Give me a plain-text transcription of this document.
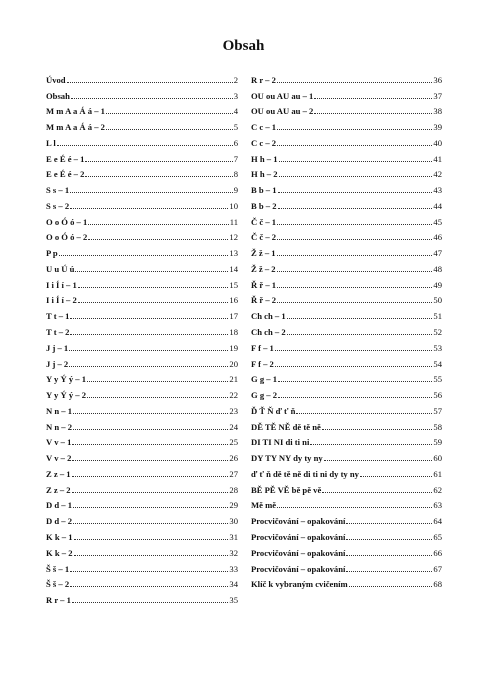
Obsah
Úvod	2
Obsah	3
M m A a Á á – 1	4
M m A a Á á – 2	5
L l	6
E e É é – 1	7
E e É é – 2	8
S s – 1	9
S s – 2	10
O o Ó ó – 1	11
O o Ó ó – 2	12
P p	13
U u Ú ú	14
I i Í í – 1	15
I i Í í – 2	16
T t – 1	17
T t – 2	18
J j – 1	19
J j – 2	20
Y y Ý ý – 1	21
Y y Ý ý – 2	22
N n – 1	23
N n – 2	24
V v – 1	25
V v – 2	26
Z z – 1	27
Z z – 2	28
D d – 1	29
D d – 2	30
K k – 1	31
K k – 2	32
Š š – 1	33
Š š – 2	34
R r – 1	35
R r – 2	36
OU ou AU au – 1	37
OU ou AU au – 2	38
C c – 1	39
C c – 2	40
H h – 1	41
H h – 2	42
B b – 1	43
B b – 2	44
Č č – 1	45
Č č – 2	46
Ž ž – 1	47
Ž ž – 2	48
Ř ř – 1	49
Ř ř – 2	50
Ch ch – 1	51
Ch ch – 2	52
F f – 1	53
F f – 2	54
G g – 1	55
G g – 2	56
Ď Ť Ň ď ť ň	57
DĚ TĚ NĚ dě tě ně	58
DI TI NI di ti ni	59
DY TY NY dy ty ny	60
ď ť ň dě tě ně di ti ni dy ty ny	61
BĚ PĚ VĚ bě pě vě	62
Mě mě	63
Procvičování – opakování	64
Procvičování – opakování	65
Procvičování – opakování	66
Procvičování – opakování	67
Klíč k vybraným cvičením	68
